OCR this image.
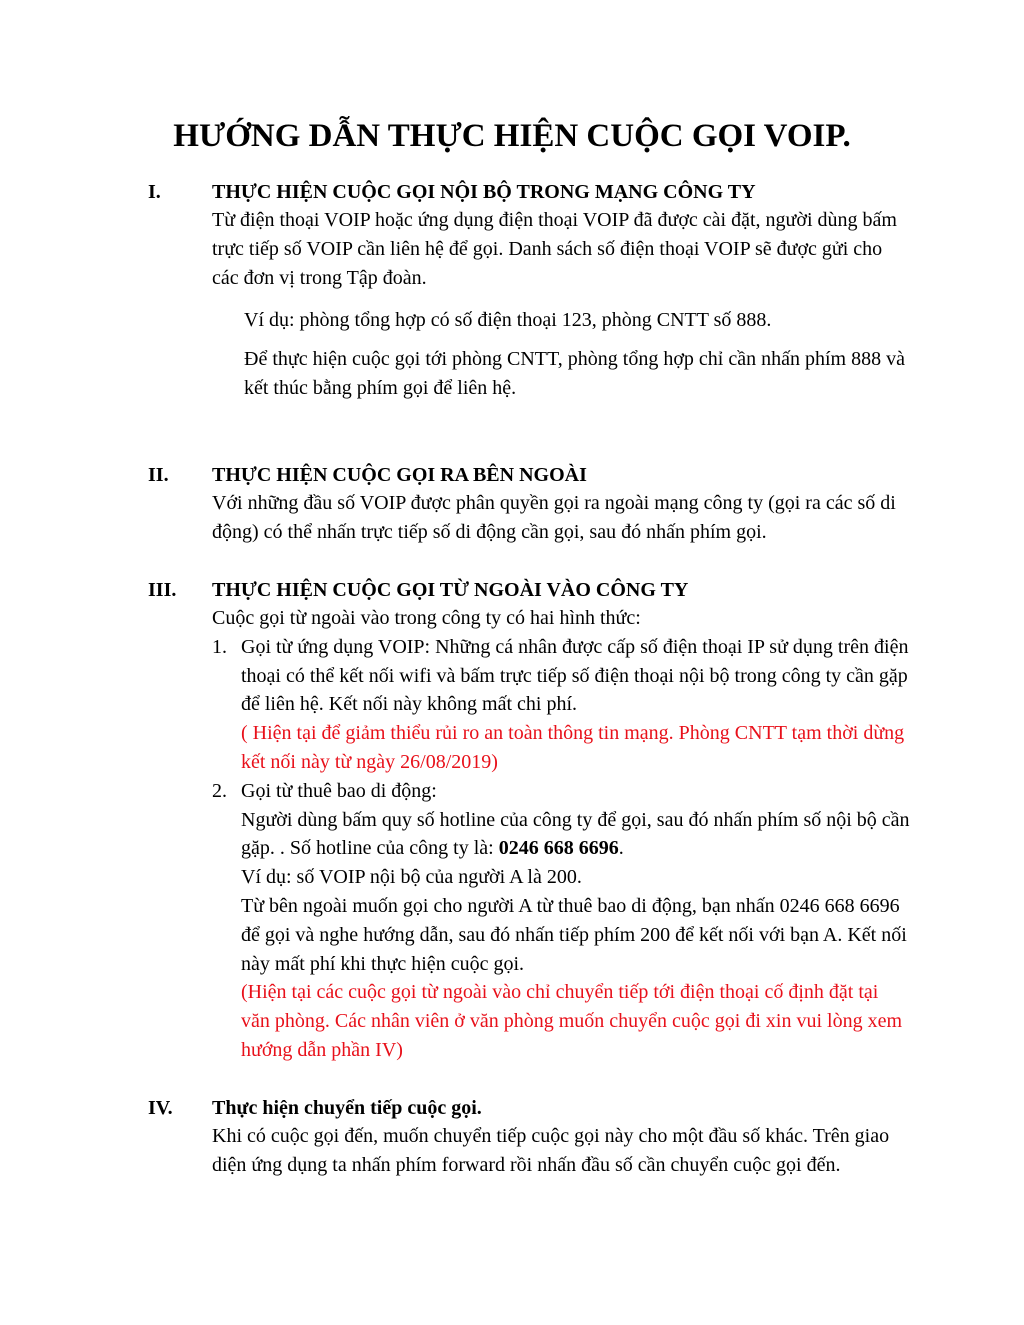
HƯỚNG DẪN THỰC HIỆN CUỘC GỌI VOIP.
I.	THỰC HIỆN CUỘC GỌI NỘI BỘ TRONG MẠNG CÔNG TY

Từ điện thoại VOIP hoặc ứng dụng điện thoại VOIP đã được cài đặt, người dùng bấm trực tiếp số VOIP cần liên hệ để gọi. Danh sách số điện thoại VOIP sẽ được gửi cho các đơn vị trong Tập đoàn.

Ví dụ: phòng tổng hợp có số điện thoại 123, phòng CNTT số 888.

Để thực hiện cuộc gọi tới phòng CNTT, phòng tổng hợp chỉ cần nhấn phím 888 và kết thúc bằng phím gọi để liên hệ.

II. THỰC HIỆN CUỘC GỌI RA BÊN NGOÀI

Với những đầu số VOIP được phân quyền gọi ra ngoài mạng công ty (gọi ra các số di động) có thể nhấn trực tiếp số di động cần gọi, sau đó nhấn phím gọi.

III. THỰC HIỆN CUỘC GỌI TỪ NGOÀI VÀO CÔNG TY

Cuộc gọi từ ngoài vào trong công ty có hai hình thức:

1. Gọi từ ứng dụng VOIP: Những cá nhân được cấp số điện thoại IP sử dụng trên điện thoại có thể kết nối wifi và bấm trực tiếp số điện thoại nội bộ trong công ty cần gặp để liên hệ. Kết nối này không mất chi phí.

( Hiện tại để giảm thiểu rủi ro an toàn thông tin mạng. Phòng CNTT tạm thời dừng kết nối này từ ngày 26/08/2019)

2. Gọi từ thuê bao di động:

Người dùng bấm quy số hotline của công ty để gọi, sau đó nhấn phím số nội bộ cần gặp. . Số hotline của công ty là: 0246 668 6696.

Ví dụ: số VOIP nội bộ của người A là 200.

Từ bên ngoài muốn gọi cho người A từ thuê bao di động, bạn nhấn 0246 668 6696 để gọi và nghe hướng dẫn, sau đó nhấn tiếp phím 200 để kết nối với bạn A. Kết nối này mất phí khi thực hiện cuộc gọi.

(Hiện tại các cuộc gọi từ ngoài vào chỉ chuyển tiếp tới điện thoại cố định đặt tại văn phòng. Các nhân viên ở văn phòng muốn chuyển cuộc gọi đi xin vui lòng xem hướng dẫn phần IV)

IV. Thực hiện chuyển tiếp cuộc gọi.

Khi có cuộc gọi đến, muốn chuyển tiếp cuộc gọi này cho một đầu số khác. Trên giao diện ứng dụng ta nhấn phím forward rồi nhấn đầu số cần chuyển cuộc gọi đến.
